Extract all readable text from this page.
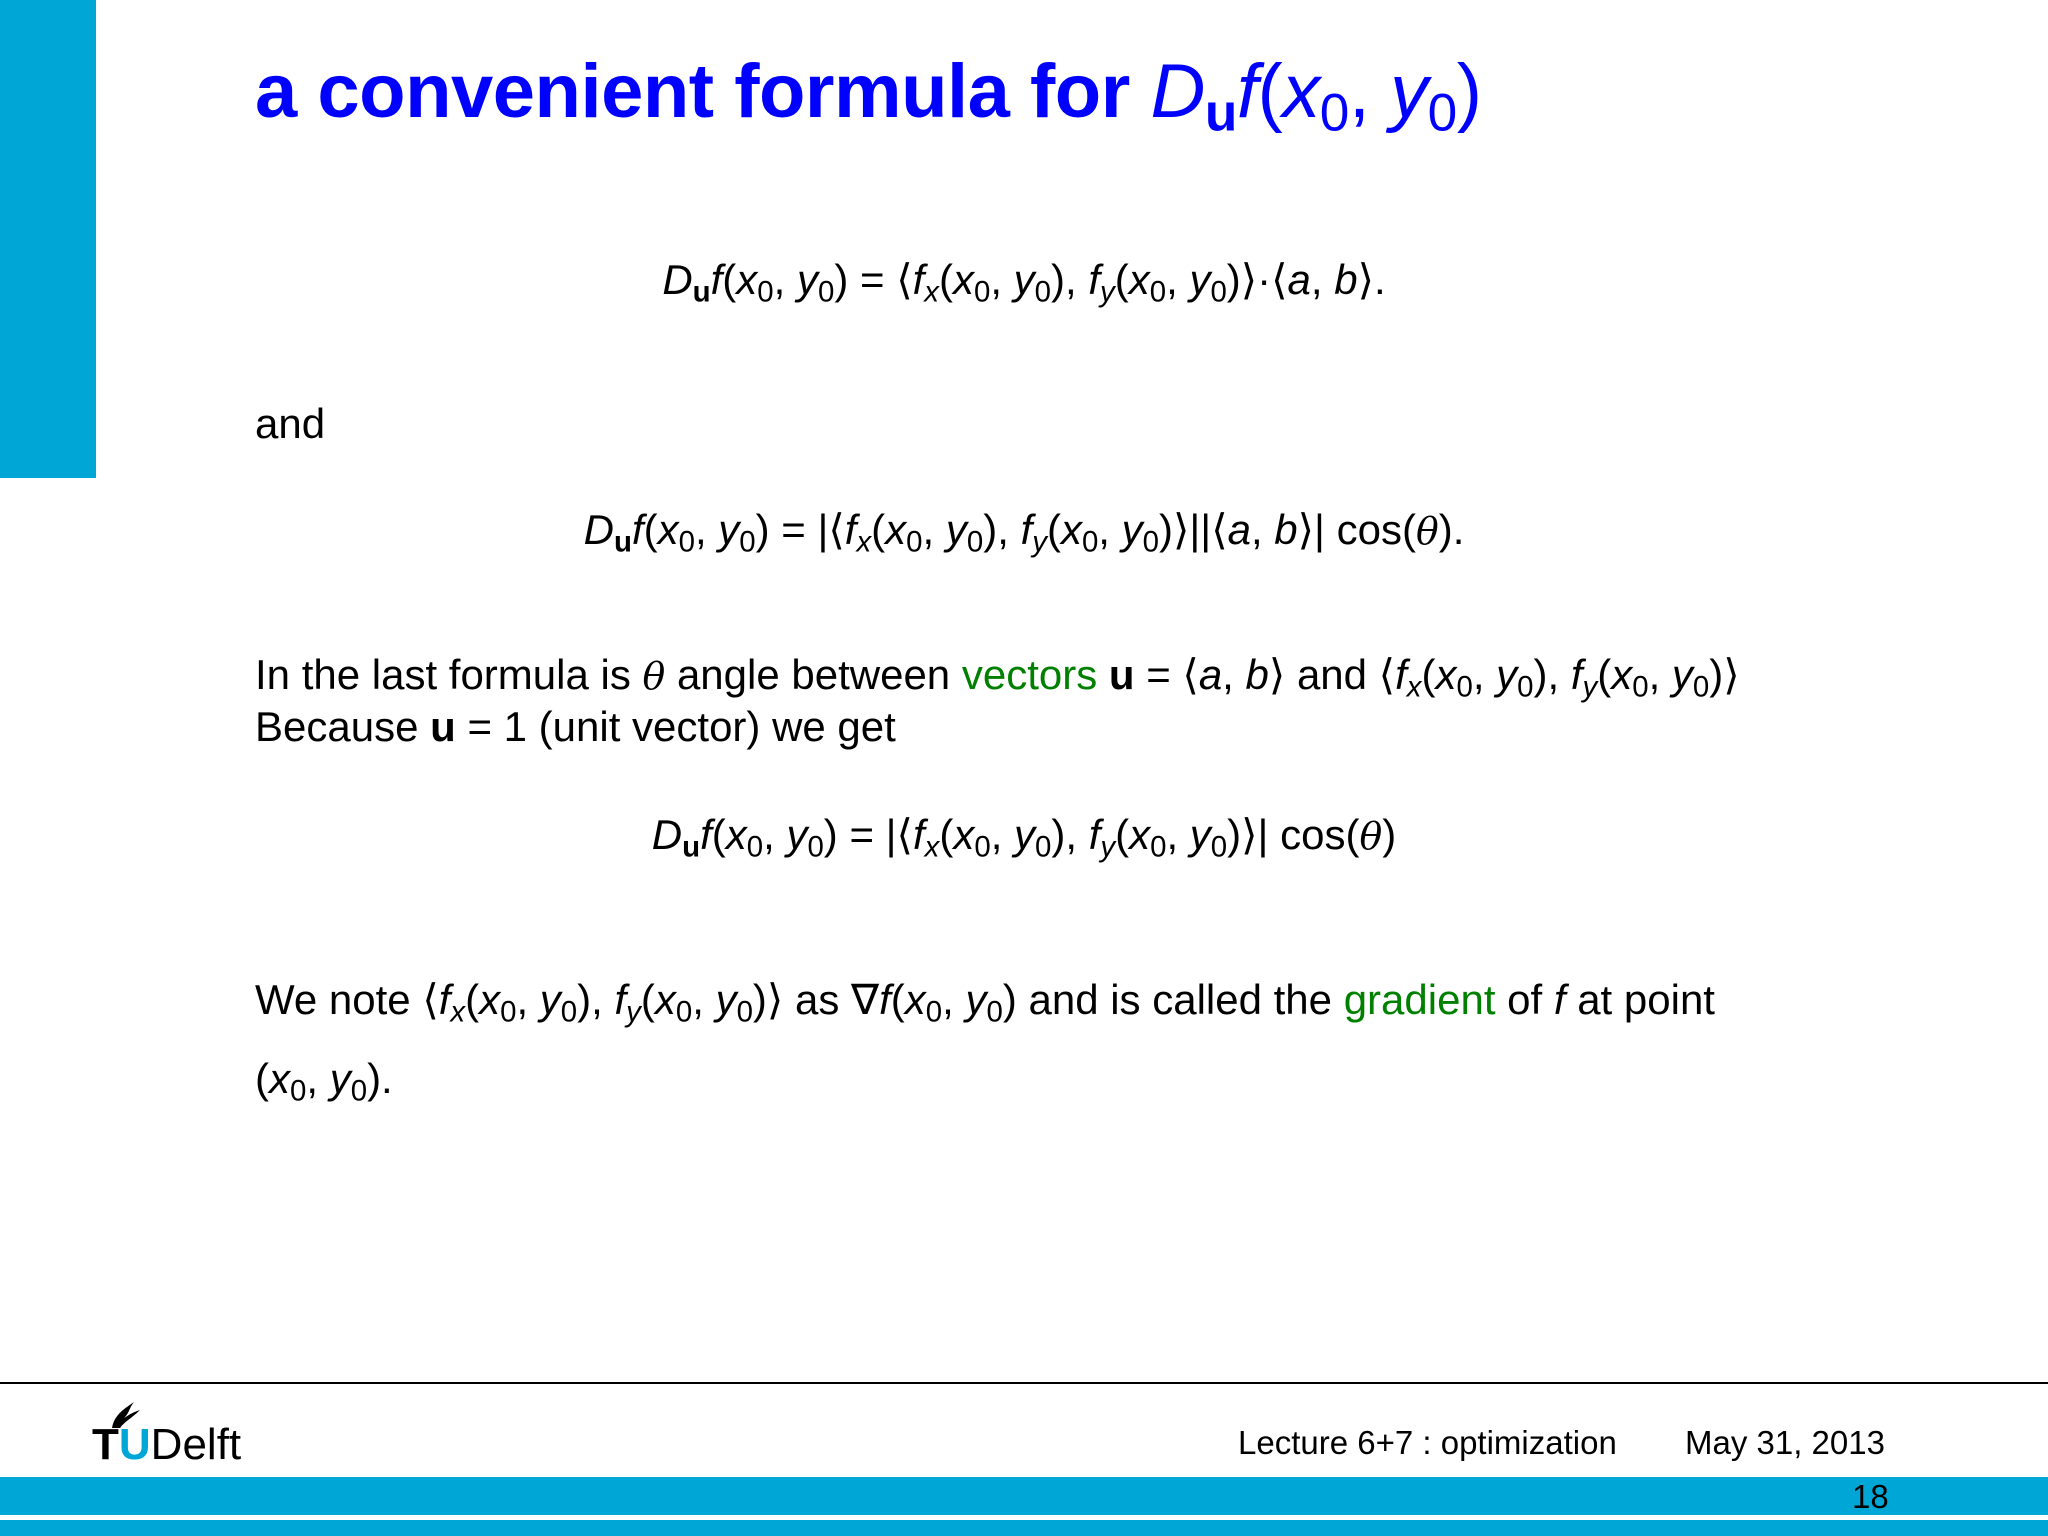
a convenient formula for $D_uf(x_0$, $y_0$)
$D_uf(x_0$, $y_0$) = $⟨f_x(x_0$, $y_0$), $f_y(x_0$, $y_0)⟩\cdot⟨a$, b⟩.
and
$D_uf(x_0$, $y_0$) = $|⟨f_x(x_0$, $y_0$), $f_y(x_0$, $y_0)⟩||⟨a$, b⟩| cos(θ).
In the last formula is θ angle between vectors u = ⟨a, b⟩ and $⟨f_x(x_0$, $y_0$), $f_y(x_0$, $y_0)⟩$
Because u = 1 (unit vector) we get
$D_uf(x_0$, $y_0$) = $|⟨f_x(x_0$, $y_0$), $f_y(x_0$, $y_0)⟩|$ cos(θ)
We note $⟨f_x(x_0$, $y_0$), $f_y(x_0$, $y_0)⟩$ as $\nabla f(x_0$, $y_0$) and is called the gradient of f at point
($x_0$, $y_0$).
TUDelft	Lecture 6+7 : optimization May 31, 2013
18
